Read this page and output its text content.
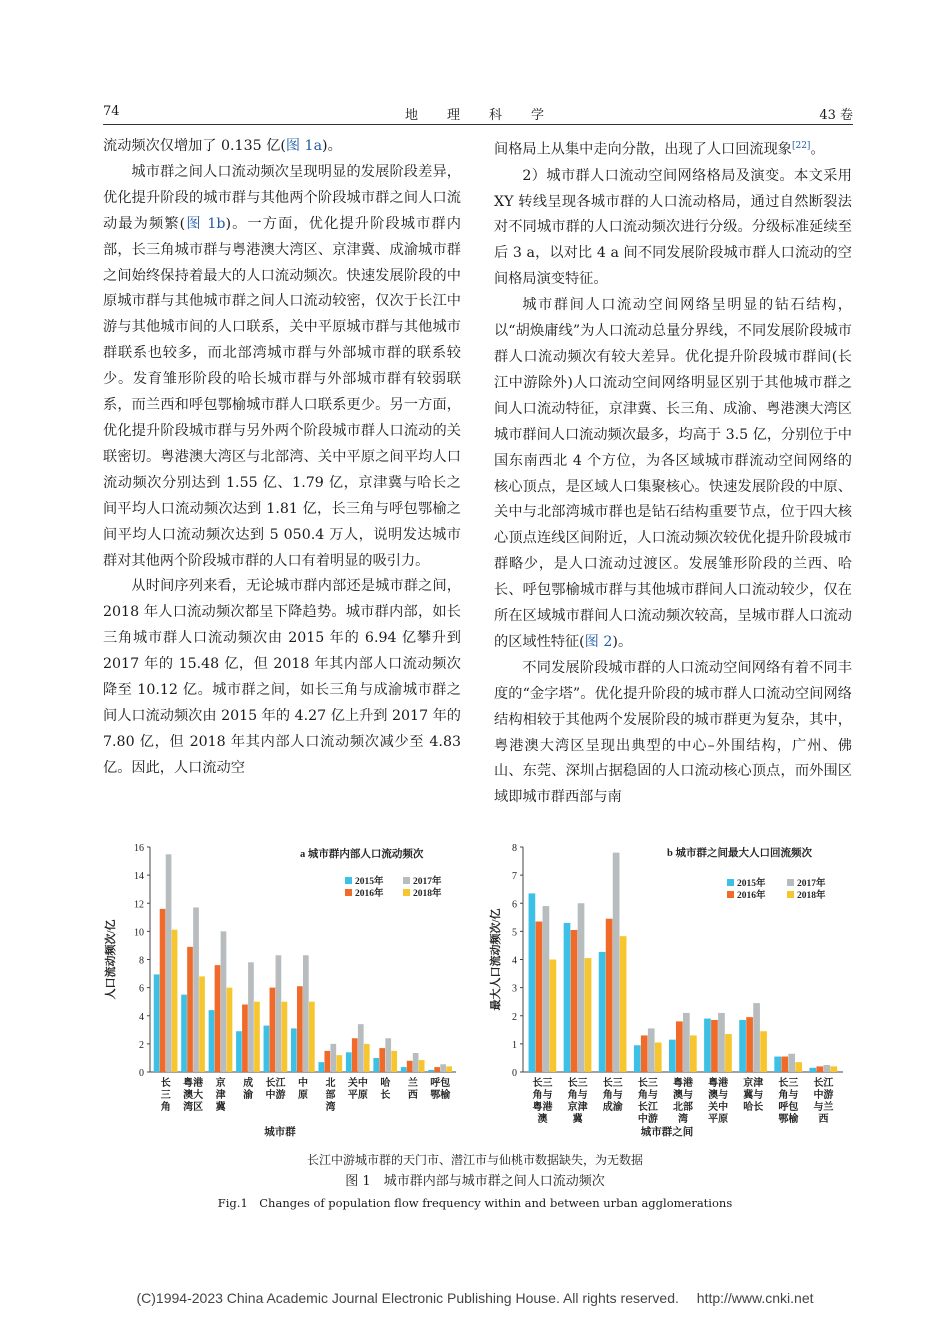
74	地　　理　　科　　学	43 卷

流动频次仅增加了 0.135 亿(图 1a)。

城市群之间人口流动频次呈现明显的发展阶段差异，优化提升阶段的城市群与其他两个阶段城市群之间人口流动最为频繁(图 1b)。一方面，优化提升阶段城市群内部，长三角城市群与粤港澳大湾区、京津冀、成渝城市群之间始终保持着最大的人口流动频次。快速发展阶段的中原城市群与其他城市群之间人口流动较密，仅次于长江中游与其他城市间的人口联系，关中平原城市群与其他城市群联系也较多，而北部湾城市群与外部城市群的联系较少。发育雏形阶段的哈长城市群与外部城市群有较弱联系，而兰西和呼包鄂榆城市群人口联系更少。另一方面，优化提升阶段城市群与另外两个阶段城市群人口流动的关联密切。粤港澳大湾区与北部湾、关中平原之间平均人口流动频次分别达到 1.55 亿、1.79 亿，京津冀与哈长之间平均人口流动频次达到 1.81 亿，长三角与呼包鄂榆之间平均人口流动频次达到 5 050.4 万人，说明发达城市群对其他两个阶段城市群的人口有着明显的吸引力。

从时间序列来看，无论城市群内部还是城市群之间，2018 年人口流动频次都呈下降趋势。城市群内部，如长三角城市群人口流动频次由 2015 年的 6.94 亿攀升到 2017 年的 15.48 亿，但 2018 年其内部人口流动频次降至 10.12 亿。城市群之间，如长三角与成渝城市群之间人口流动频次由 2015 年的 4.27 亿上升到 2017 年的 7.80 亿，但 2018 年其内部人口流动频次减少至 4.83 亿。因此，人口流动空

间格局上从集中走向分散，出现了人口回流现象[22]。

2）城市群人口流动空间网络格局及演变。本文采用 XY 转线呈现各城市群的人口流动格局，通过自然断裂法对不同城市群的人口流动频次进行分级。分级标准延续至后 3 a，以对比 4 a 间不同发展阶段城市群人口流动的空间格局演变特征。

城市群间人口流动空间网络呈明显的钻石结构，以“胡焕庸线”为人口流动总量分界线，不同发展阶段城市群人口流动频次有较大差异。优化提升阶段城市群间(长江中游除外)人口流动空间网络明显区别于其他城市群之间人口流动特征，京津冀、长三角、成渝、粤港澳大湾区城市群间人口流动频次最多，均高于 3.5 亿，分别位于中国东南西北 4 个方位，为各区域城市群流动空间网络的核心顶点，是区域人口集聚核心。快速发展阶段的中原、关中与北部湾城市群也是钻石结构重要节点，位于四大核心顶点连线区间附近，人口流动频次较优化提升阶段城市群略少，是人口流动过渡区。发展雏形阶段的兰西、哈长、呼包鄂榆城市群与其他城市群间人口流动较少，仅在所在区域城市群间人口流动频次较高，呈城市群人口流动的区域性特征(图 2)。

不同发展阶段城市群的人口流动空间网络有着不同丰度的“金字塔”。优化提升阶段的城市群人口流动空间网络结构相较于其他两个发展阶段的城市群更为复杂，其中，粤港澳大湾区呈现出典型的中心–外围结构，广州、佛山、东莞、深圳占据稳固的人口流动核心顶点，而外围区域即城市群西部与南

0
2
4
6
8
10
12
14
16
人口流动频次/亿
a 城市群内部人口流动频次
2015年	2017年
2016年	2018年
长
三
角
粤港
澳大
湾区
京
津
冀
成
渝
长江
中游
中
原
北
部
湾
关中
平原
哈
长
兰
西
呼包
鄂榆
城市群
0
1
2
3
4
5
6
7
8
最大人口流动频次/亿
b 城市群之间最大人口回流频次
2015年	2017年
2016年	2018年
长三
角与
粤港
澳
长三
角与
京津
冀
长三
角与
成渝
长三
角与
长江
中游
粤港
澳与
北部
湾
粤港
澳与
关中
平原
京津
冀与
哈长
长三
角与
呼包
鄂榆
长江
中游
与兰
西
城市群之间
长江中游城市群的天门市、潜江市与仙桃市数据缺失，为无数据
图 1　城市群内部与城市群之间人口流动频次
Fig.1　Changes of population flow frequency within and between urban agglomerations
(C)1994-2023 China Academic Journal Electronic Publishing House. All rights reserved.　 http://www.cnki.net
